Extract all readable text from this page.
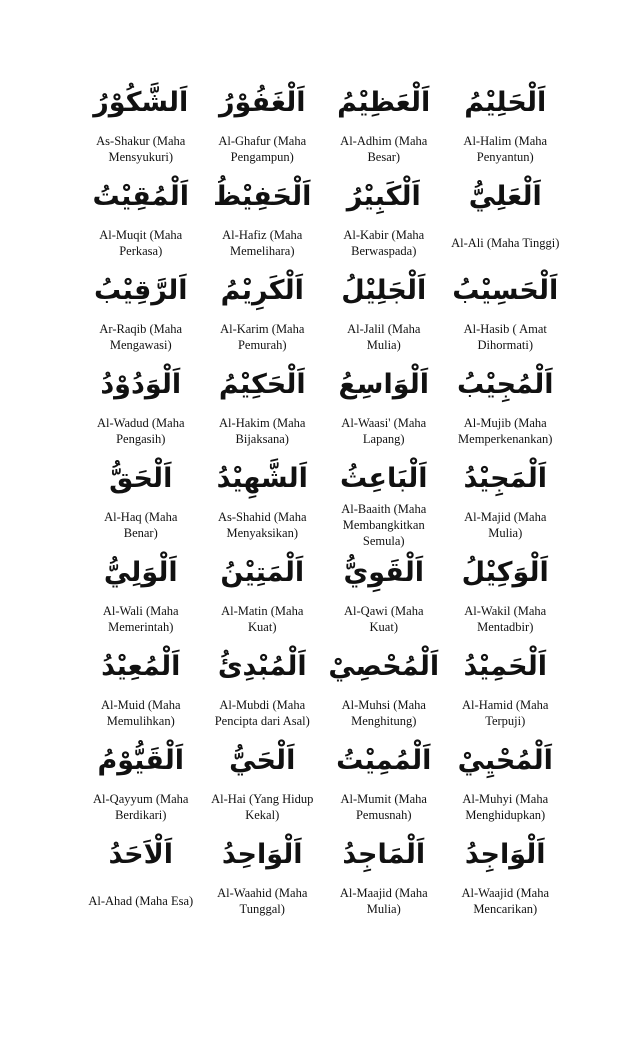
اَلشَّكُوْرُ
As-Shakur (Maha Mensyukuri)
اَلْغَفُوْرُ
Al-Ghafur (Maha Pengampun)
اَلْعَظِيْمُ
Al-Adhim (Maha Besar)
اَلْحَلِيْمُ
Al-Halim (Maha Penyantun)
اَلْمُقِيْتُ
Al-Muqit (Maha Perkasa)
اَلْحَفِيْظُ
Al-Hafiz (Maha Memelihara)
اَلْكَبِيْرُ
Al-Kabir (Maha Berwaspada)
اَلْعَلِيُّ
Al-Ali (Maha Tinggi)
اَلرَّقِيْبُ
Ar-Raqib (Maha Mengawasi)
اَلْكَرِيْمُ
Al-Karim (Maha Pemurah)
اَلْجَلِيْلُ
Al-Jalil (Maha Mulia)
اَلْحَسِيْبُ
Al-Hasib ( Amat Dihormati)
اَلْوَدُوْدُ
Al-Wadud (Maha Pengasih)
اَلْحَكِيْمُ
Al-Hakim (Maha Bijaksana)
اَلْوَاسِعُ
Al-Waasi' (Maha Lapang)
اَلْمُجِيْبُ
Al-Mujib (Maha Memperkenankan)
اَلْحَقُّ
Al-Haq (Maha Benar)
اَلشَّهِيْدُ
As-Shahid (Maha Menyaksikan)
اَلْبَاعِثُ
Al-Baaith (Maha Membangkitkan Semula)
اَلْمَجِيْدُ
Al-Majid (Maha Mulia)
اَلْوَلِيُّ
Al-Wali (Maha Memerintah)
اَلْمَتِيْنُ
Al-Matin (Maha Kuat)
اَلْقَوِيُّ
Al-Qawi (Maha Kuat)
اَلْوَكِيْلُ
Al-Wakil (Maha Mentadbir)
اَلْمُعِيْدُ
Al-Muid (Maha Memulihkan)
اَلْمُبْدِئُ
Al-Mubdi (Maha Pencipta dari Asal)
اَلْمُحْصِيْ
Al-Muhsi (Maha Menghitung)
اَلْحَمِيْدُ
Al-Hamid (Maha Terpuji)
اَلْقَيُّوْمُ
Al-Qayyum (Maha Berdikari)
اَلْحَيُّ
Al-Hai (Yang Hidup Kekal)
اَلْمُمِيْتُ
Al-Mumit (Maha Pemusnah)
اَلْمُحْيِيْ
Al-Muhyi (Maha Menghidupkan)
اَلْاَحَدُ
Al-Ahad (Maha Esa)
اَلْوَاحِدُ
Al-Waahid (Maha Tunggal)
اَلْمَاجِدُ
Al-Maajid (Maha Mulia)
اَلْوَاجِدُ
Al-Waajid (Maha Mencarikan)
